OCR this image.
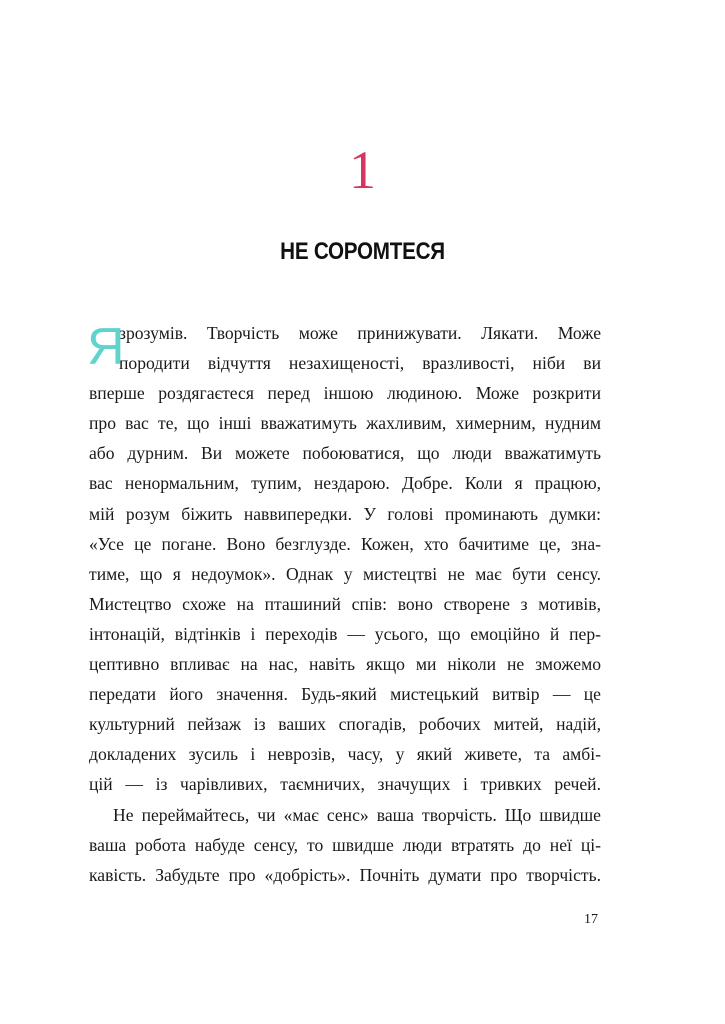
1
НЕ СОРОМТЕСЯ
Я
зрозумів. Творчість може принижувати. Лякати. Може
породити відчуття незахищеності, вразливості, ніби ви
вперше роздягаєтеся перед іншою людиною. Може розкрити
про вас те, що інші вважатимуть жахливим, химерним, нудним
або дурним. Ви можете побоюватися, що люди вважатимуть
вас ненормальним, тупим, нездарою. Добре. Коли я працюю,
мій розум біжить наввипередки. У голові проминають думки:
«Усе це погане. Воно безглузде. Кожен, хто бачитиме це, зна-
тиме, що я недоумок». Однак у мистецтві не має бути сенсу.
Мистецтво схоже на пташиний спів: воно створене з мотивів,
інтонацій, відтінків і переходів — усього, що емоційно й пер-
цептивно впливає на нас, навіть якщо ми ніколи не зможемо
передати його значення. Будь-який мистецький витвір — це
культурний пейзаж із ваших спогадів, робочих митей, надій,
докладених зусиль і неврозів, часу, у який живете, та амбі-
цій — із чарівливих, таємничих, значущих і тривких речей.
Не переймайтесь, чи «має сенс» ваша творчість. Що швидше
ваша робота набуде сенсу, то швидше люди втратять до неї ці-
кавість. Забудьте про «добрість». Почніть думати про творчість.
17
